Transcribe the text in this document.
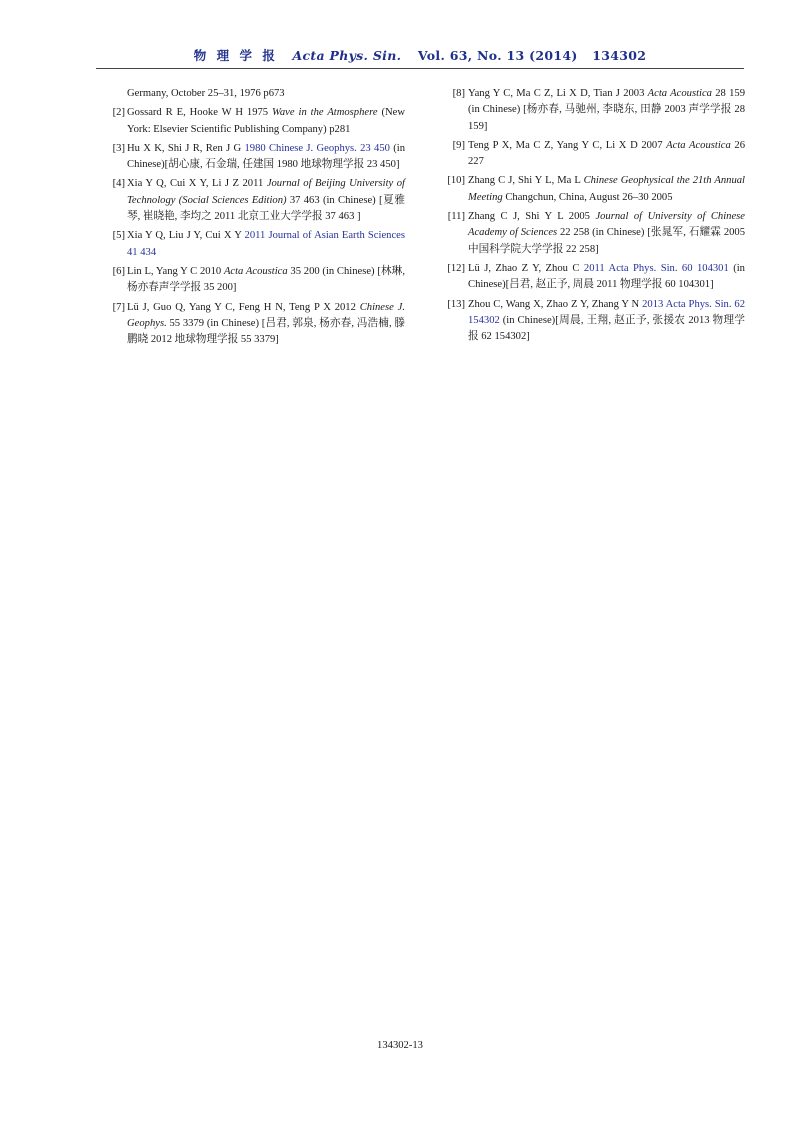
物 理 学 报 Acta Phys. Sin. Vol. 63, No. 13 (2014) 134302
Germany, October 25–31, 1976 p673
[2] Gossard R E, Hooke W H 1975 Wave in the Atmosphere (New York: Elsevier Scientific Publishing Company) p281
[3] Hu X K, Shi J R, Ren J G 1980 Chinese J. Geophys. 23 450 (in Chinese)[胡心康, 石金瑞, 任建国 1980 地球物理学报 23 450]
[4] Xia Y Q, Cui X Y, Li J Z 2011 Journal of Beijing University of Technology (Social Sciences Edition) 37 463 (in Chinese) [夏雅琴, 崔晓艳, 李均之 2011 北京工业大学学报 37 463 ]
[5] Xia Y Q, Liu J Y, Cui X Y 2011 Journal of Asian Earth Sciences 41 434
[6] Lin L, Yang Y C 2010 Acta Acoustica 35 200 (in Chinese) [林琳, 杨亦春声学学报 35 200]
[7] Lü J, Guo Q, Yang Y C, Feng H N, Teng P X 2012 Chinese J. Geophys. 55 3379 (in Chinese) [吕君, 郭泉, 杨亦春, 冯浩楠, 滕鹏晓 2012 地球物理学报 55 3379]
[8] Yang Y C, Ma C Z, Li X D, Tian J 2003 Acta Acoustica 28 159 (in Chinese) [杨亦春, 马驰州, 李晓东, 田静 2003 声学学报 28 159]
[9] Teng P X, Ma C Z, Yang Y C, Li X D 2007 Acta Acoustica 26 227
[10] Zhang C J, Shi Y L, Ma L Chinese Geophysical the 21th Annual Meeting Changchun, China, August 26–30 2005
[11] Zhang C J, Shi Y L 2005 Journal of University of Chinese Academy of Sciences 22 258 (in Chinese) [张晁军, 石耀霖 2005 中国科学院大学学报 22 258]
[12] Lü J, Zhao Z Y, Zhou C 2011 Acta Phys. Sin. 60 104301 (in Chinese)[吕君, 赵正予, 周晨 2011 物理学报 60 104301]
[13] Zhou C, Wang X, Zhao Z Y, Zhang Y N 2013 Acta Phys. Sin. 62 154302 (in Chinese)[周晨, 王翔, 赵正予, 张援农 2013 物理学报 62 154302]
134302-13
